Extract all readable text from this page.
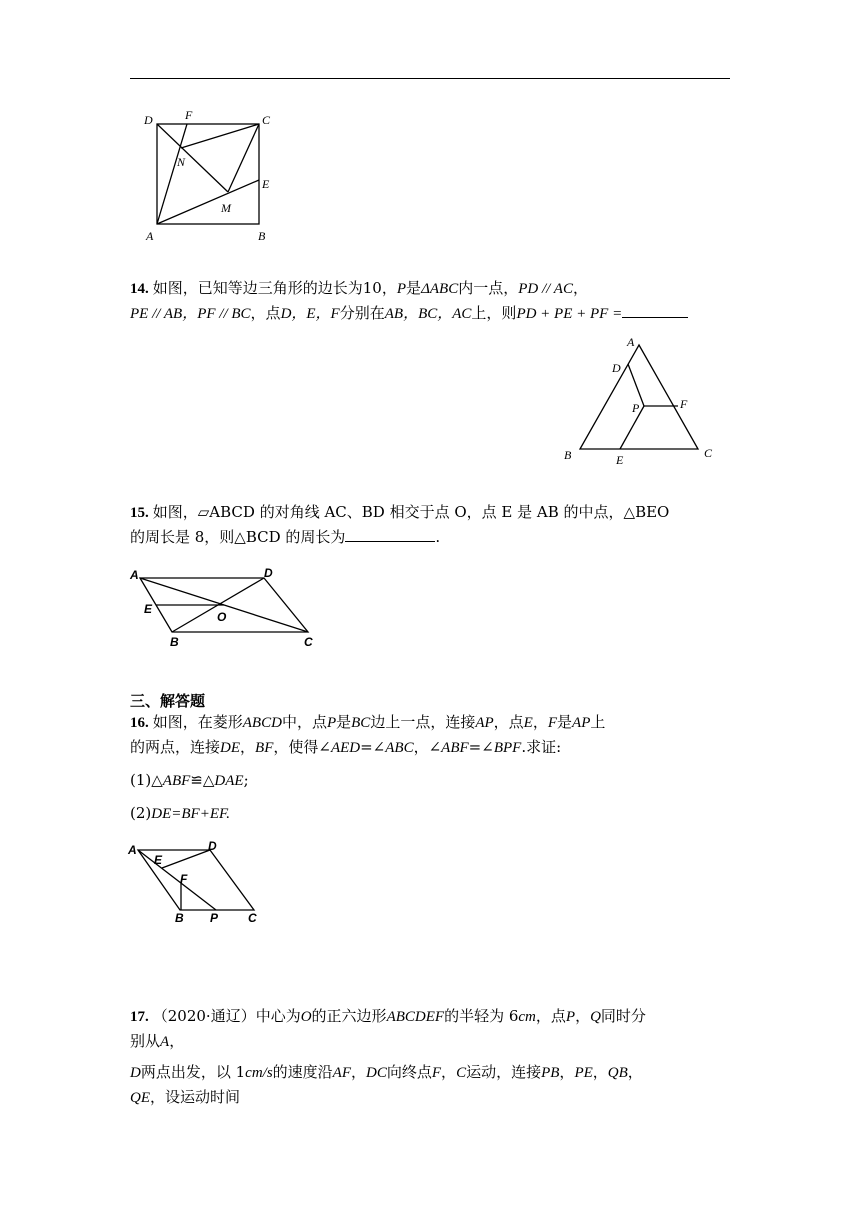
D	F	C
N
E
M
A	B
14. 如图，已知等边三角形的边长为10，P是ΔABC内一点，PD // AC，
PE // AB，PF // BC，点D，E，F分别在AB，BC，AC上，则PD + PE + PF =
A
D
P	F
B	E	C
15. 如图，▱ABCD 的对角线 AC、BD 相交于点 O，点 E 是 AB 的中点，△BEO
的周长是 8，则△BCD 的周长为	.
A	D
E
O
B	C
三、解答题
16. 如图，在菱形ABCD中，点P是BC边上一点，连接AP，点E，F是AP上
的两点，连接DE，BF，使得∠AED=∠ABC，∠ABF=∠BPF.求证:
(1)△ABF≌△DAE;
(2)DE=BF+EF.
A
E
D
F
B P C
17. （2020·通辽）中心为O的正六边形ABCDEF的半轻为 6cm，点P，Q同时分
别从A，
D两点出发，以 1cm/s的速度沿AF，DC向终点F，C运动，连接PB，PE，QB，
QE，设运动时间
